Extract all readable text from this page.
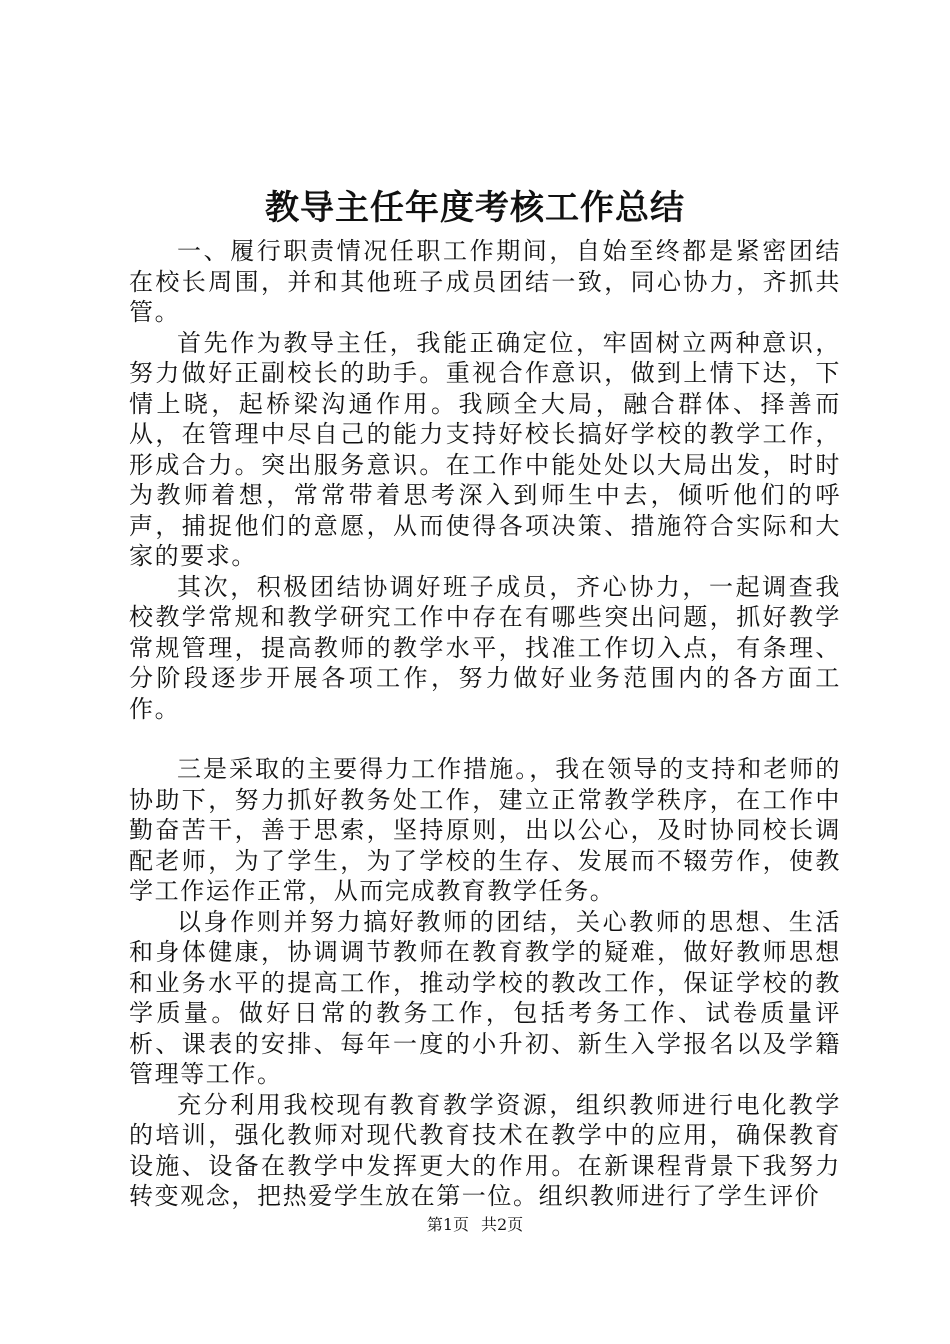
教导主任年度考核工作总结

一、履行职责情况任职工作期间，自始至终都是紧密团结在校长周围，并和其他班子成员团结一致，同心协力，齐抓共管。

首先作为教导主任，我能正确定位，牢固树立两种意识，努力做好正副校长的助手。重视合作意识，做到上情下达，下情上晓，起桥梁沟通作用。我顾全大局，融合群体、择善而从，在管理中尽自己的能力支持好校长搞好学校的教学工作，形成合力。突出服务意识。在工作中能处处以大局出发，时时为教师着想，常常带着思考深入到师生中去，倾听他们的呼声，捕捉他们的意愿，从而使得各项决策、措施符合实际和大家的要求。

其次，积极团结协调好班子成员，齐心协力，一起调查我校教学常规和教学研究工作中存在有哪些突出问题，抓好教学常规管理，提高教师的教学水平，找准工作切入点，有条理、分阶段逐步开展各项工作，努力做好业务范围内的各方面工作。

三是采取的主要得力工作措施。，我在领导的支持和老师的协助下，努力抓好教务处工作，建立正常教学秩序，在工作中勤奋苦干，善于思索，坚持原则，出以公心，及时协同校长调配老师，为了学生，为了学校的生存、发展而不辍劳作，使教学工作运作正常，从而完成教育教学任务。

以身作则并努力搞好教师的团结，关心教师的思想、生活和身体健康，协调调节教师在教育教学的疑难，做好教师思想和业务水平的提高工作，推动学校的教改工作，保证学校的教学质量。做好日常的教务工作，包括考务工作、试卷质量评析、课表的安排、每年一度的小升初、新生入学报名以及学籍管理等工作。

充分利用我校现有教育教学资源，组织教师进行电化教学的培训，强化教师对现代教育技术在教学中的应用，确保教育设施、设备在教学中发挥更大的作用。在新课程背景下我努力转变观念，把热爱学生放在第一位。组织教师进行了学生评价

第1页 共2页
